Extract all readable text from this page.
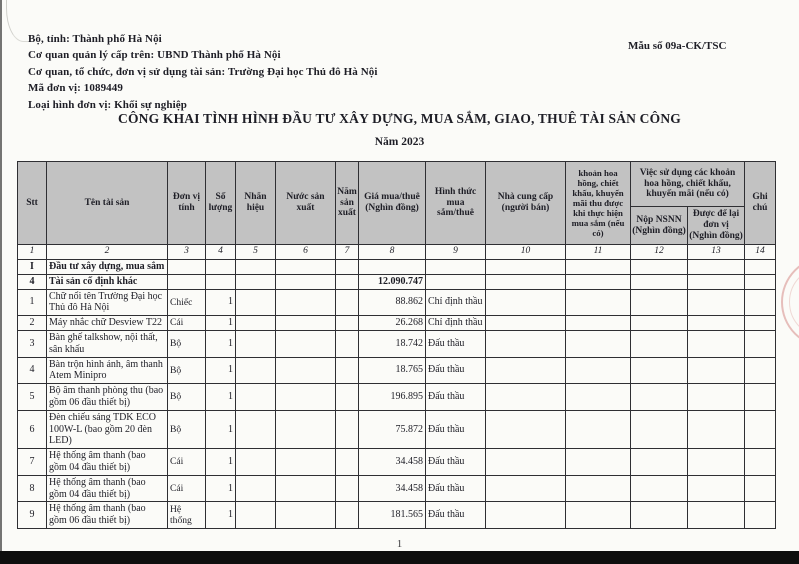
Bộ, tỉnh: Thành phố Hà Nội
Cơ quan quản lý cấp trên: UBND Thành phố Hà Nội
Cơ quan, tổ chức, đơn vị sử dụng tài sản: Trường Đại học Thủ đô Hà Nội
Mã đơn vị: 1089449
Loại hình đơn vị: Khối sự nghiệp
Mẫu số 09a-CK/TSC
CÔNG KHAI TÌNH HÌNH ĐẦU TƯ XÂY DỰNG, MUA SẮM, GIAO, THUÊ TÀI SẢN CÔNG
Năm 2023
Stt	Tên tài sản	Đơn vị tính	Số lượng	Nhãn hiệu	Nước sản xuất	Năm sản xuất	Giá mua/thuê (Nghìn đồng)	Hình thức mua sắm/thuê	Nhà cung cấp (người bán)	khoản hoa hồng, chiết khấu, khuyến mãi thu được khi thực hiện mua sắm (nếu có)	Việc sử dụng các khoản hoa hồng, chiết khấu, khuyến mãi (nếu có)		Ghi chú
											Nộp NSNN (Nghìn đồng)	Được để lại đơn vị (Nghìn đồng)	
1	2	3	4	5	6	7	8	9	10	11	12	13	14
I	Đầu tư xây dựng, mua sắm												
4	Tài sản cố định khác						12.090.747						
1	Chữ nổi tên Trường Đại học Thủ đô Hà Nội	Chiếc	1				88.862	Chỉ định thầu					
2	Máy nhắc chữ Desview T22	Cái	1				26.268	Chỉ định thầu					
3	Bàn ghế talkshow, nội thất, sân khấu	Bộ	1				18.742	Đấu thầu					
4	Bàn trộn hình ảnh, âm thanh Atem Minipro	Bộ	1				18.765	Đấu thầu					
5	Bộ âm thanh phòng thu (bao gồm 06 đầu thiết bị)	Bộ	1				196.895	Đấu thầu					
6	Đèn chiếu sáng TDK ECO 100W-L (bao gồm 20 đèn LED)	Bộ	1				75.872	Đấu thầu					
7	Hệ thống âm thanh (bao gồm 04 đầu thiết bị)	Cái	1				34.458	Đấu thầu					
8	Hệ thống âm thanh (bao gồm 04 đầu thiết bị)	Cái	1				34.458	Đấu thầu					
9	Hệ thống âm thanh (bao gồm 06 đầu thiết bị)	Hệ thống	1				181.565	Đấu thầu					
1
